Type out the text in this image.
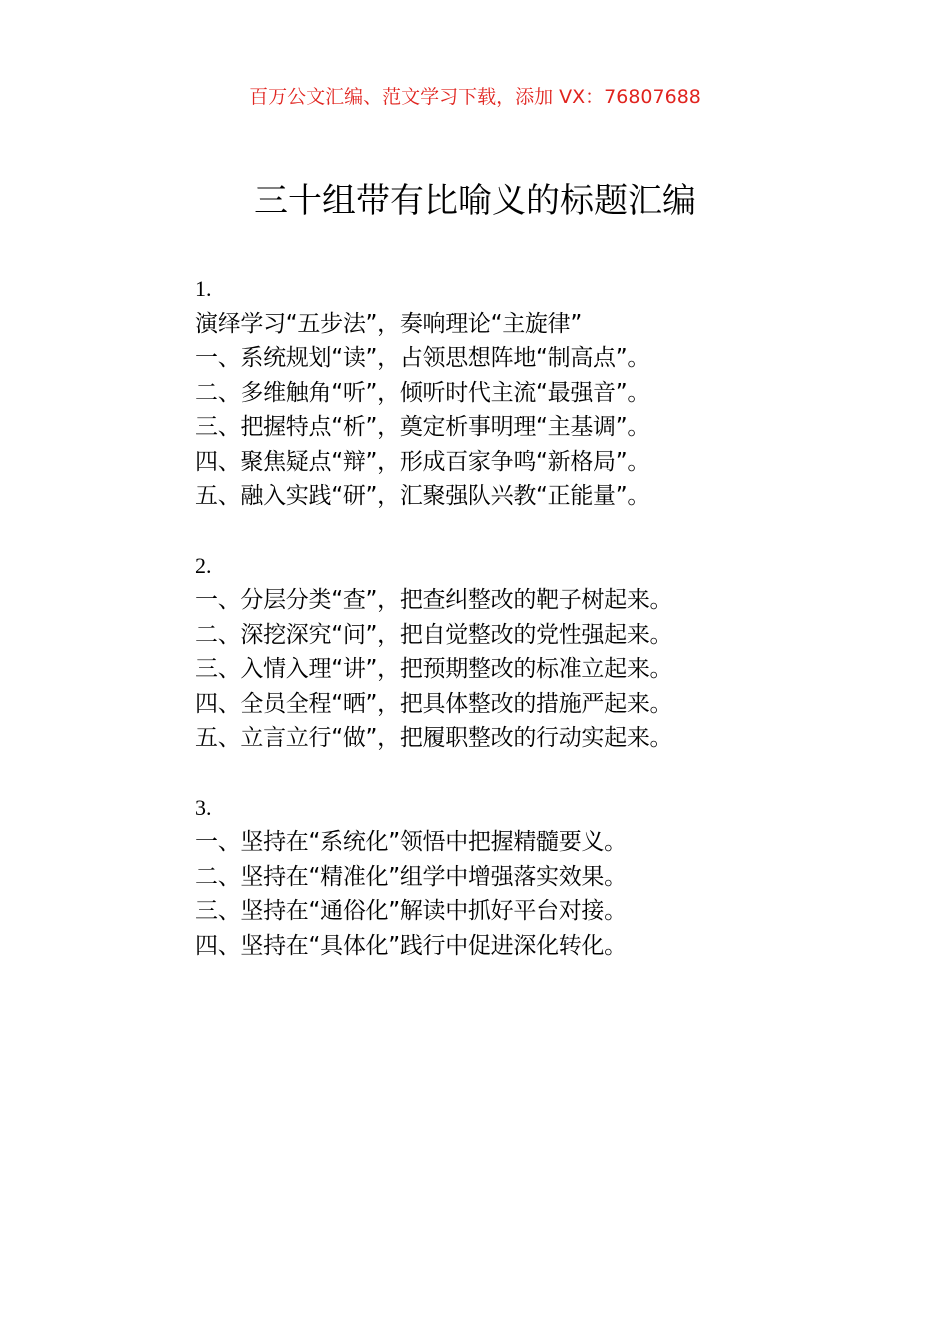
百万公文汇编、范文学习下载，添加 VX：76807688
三十组带有比喻义的标题汇编
1.
演绎学习“五步法”，奏响理论“主旋律”
一、系统规划“读”，占领思想阵地“制高点”。
二、多维触角“听”，倾听时代主流“最强音”。
三、把握特点“析”，奠定析事明理“主基调”。
四、聚焦疑点“辩”，形成百家争鸣“新格局”。
五、融入实践“研”，汇聚强队兴教“正能量”。
2.
一、分层分类“查”，把查纠整改的靶子树起来。
二、深挖深究“问”，把自觉整改的党性强起来。
三、入情入理“讲”，把预期整改的标准立起来。
四、全员全程“晒”，把具体整改的措施严起来。
五、立言立行“做”，把履职整改的行动实起来。
3.
一、坚持在“系统化”领悟中把握精髓要义。
二、坚持在“精准化”组学中增强落实效果。
三、坚持在“通俗化”解读中抓好平台对接。
四、坚持在“具体化”践行中促进深化转化。
